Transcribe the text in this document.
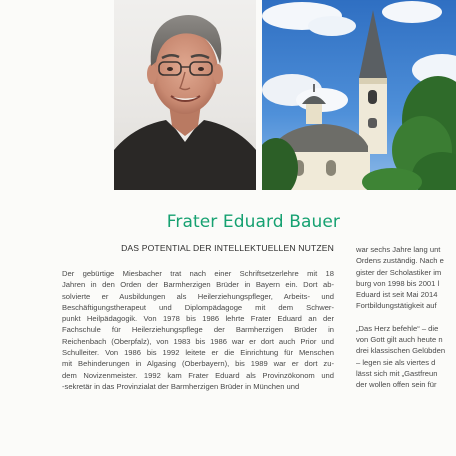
Frater Eduard Bauer
DAS POTENTIAL DER INTELLEKTUELLEN NUTZEN

Der gebürtige Miesbacher trat nach einer Schriftsetzerlehre mit 18

Jahren in den Orden der Barmherzigen Brüder in Bayern ein. Dort ab-

solvierte er Ausbildungen als Heilerziehungspfleger, Arbeits- und

Beschäftigungstherapeut und Diplompädagoge mit dem Schwer-

punkt Heilpädagogik. Von 1978 bis 1986 lehrte Frater Eduard an der

Fachschule für Heilerziehungspflege der Barmherzigen Brüder in

Reichenbach (Oberpfalz), von 1983 bis 1986 war er dort auch Prior und

Schulleiter. Von 1986 bis 1992 leitete er die Einrichtung für Menschen

mit Behinderungen in Algasing (Oberbayern), bis 1989 war er dort zu-

dem Novizenmeister. 1992 kam Frater Eduard als Provinzökonom und

-sekretär in das Provinzialat der Barmherzigen Brüder in München und

war sechs Jahre lang unt

Ordens zuständig. Nach e

gister der Scholastiker im

burg von 1998 bis 2001 l

Eduard ist seit Mai 2014

Fortbildungstätigkeit auf

„Das Herz befehle“ – die

von Gott gilt auch heute n

drei klassischen Gelübden

– legen sie als viertes d

lässt sich mit „Gastfreun

der wollen offen sein für
